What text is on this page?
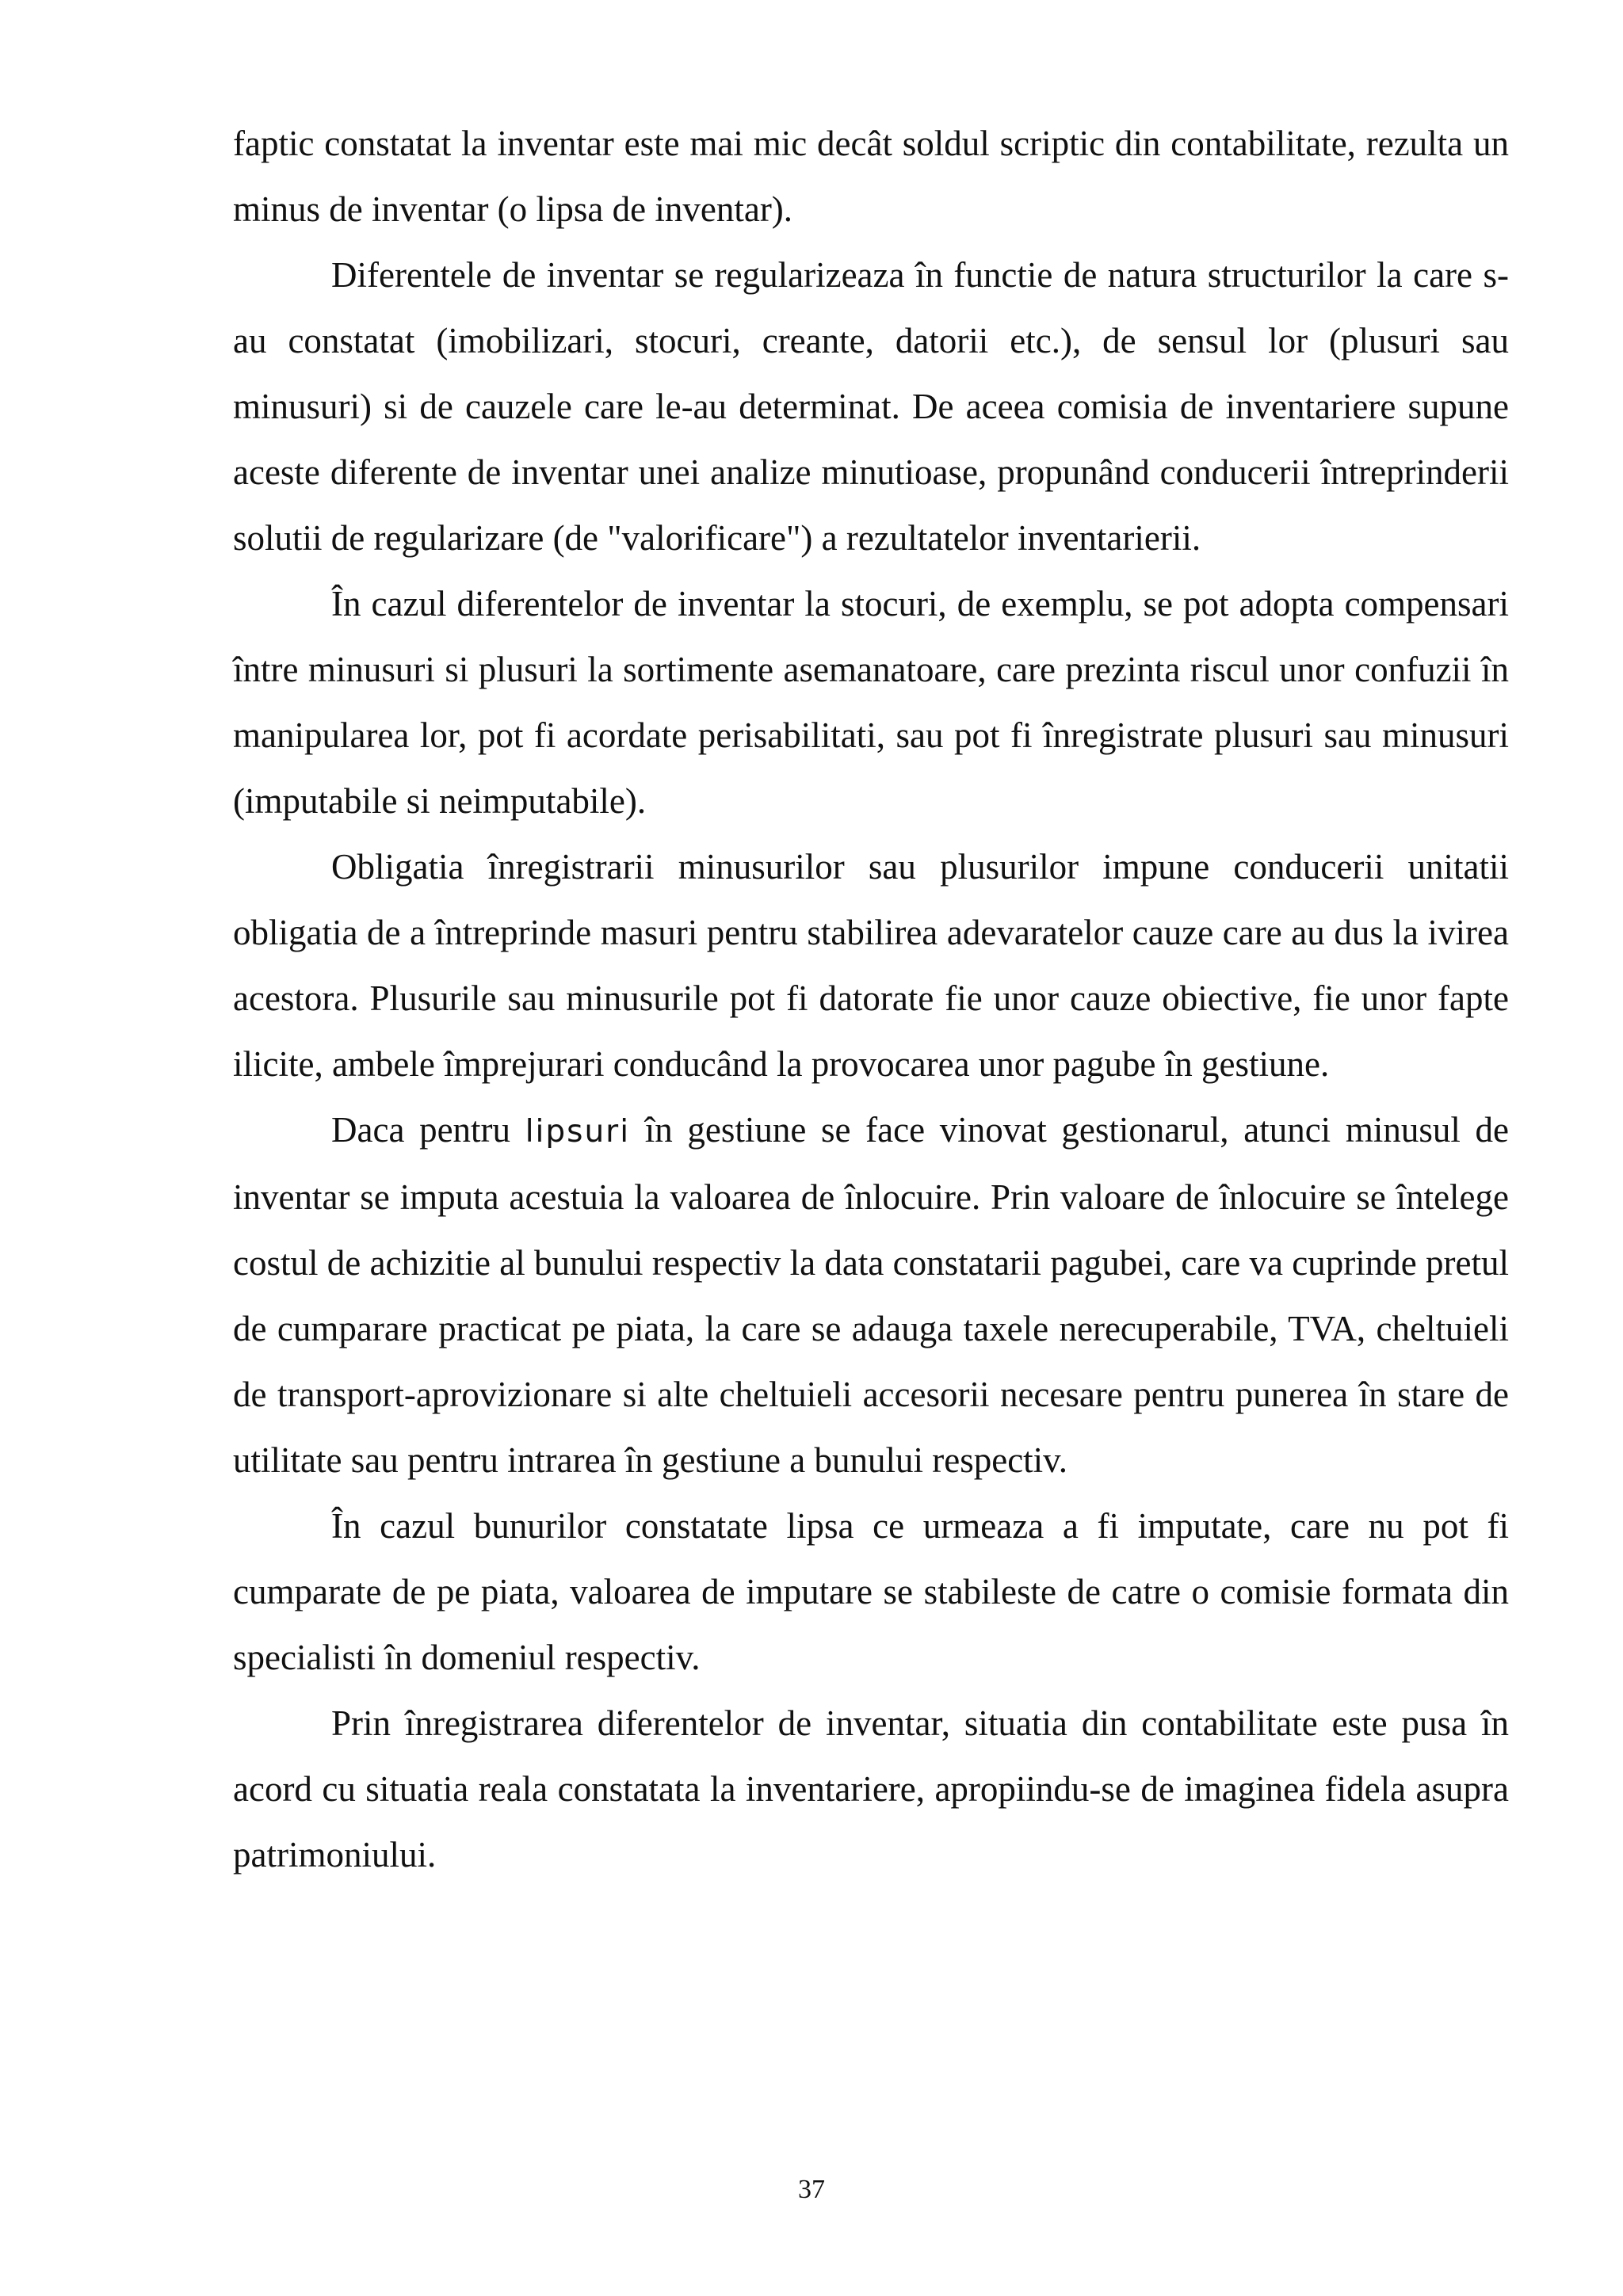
faptic constatat la inventar este mai mic decât soldul scriptic din contabilitate, rezulta un minus de inventar (o lipsa de inventar).

Diferentele de inventar se regularizeaza în functie de natura structurilor la care s-au constatat (imobilizari, stocuri, creante, datorii etc.), de sensul lor (plusuri sau minusuri) si de cauzele care le-au determinat. De aceea comisia de inventariere supune aceste diferente de inventar unei analize minutioase, propunând conducerii întreprinderii solutii de regularizare (de "valorificare") a rezultatelor inventarierii.

În cazul diferentelor de inventar la stocuri, de exemplu, se pot adopta compensari între minusuri si plusuri la sortimente asemanatoare, care prezinta riscul unor confuzii în manipularea lor, pot fi acordate perisabilitati, sau pot fi înregistrate plusuri sau minusuri (imputabile si neimputabile).

Obligatia înregistrarii minusurilor sau plusurilor impune conducerii unitatii obligatia de a întreprinde masuri pentru stabilirea adevaratelor cauze care au dus la ivirea acestora. Plusurile sau minusurile pot fi datorate fie unor cauze obiective, fie unor fapte ilicite, ambele împrejurari conducând la provocarea unor pagube în gestiune.

Daca pentru lipsuri în gestiune se face vinovat gestionarul, atunci minusul de inventar se imputa acestuia la valoarea de înlocuire. Prin valoare de înlocuire se întelege costul de achizitie al bunului respectiv la data constatarii pagubei, care va cuprinde pretul de cumparare practicat pe piata, la care se adauga taxele nerecuperabile, TVA, cheltuieli de transport-aprovizionare si alte cheltuieli accesorii necesare pentru punerea în stare de utilitate sau pentru intrarea în gestiune a bunului respectiv.

În cazul bunurilor constatate lipsa ce urmeaza a fi imputate, care nu pot fi cumparate de pe piata, valoarea de imputare se stabileste de catre o comisie formata din specialisti în domeniul respectiv.

Prin înregistrarea diferentelor de inventar, situatia din contabilitate este pusa în acord cu situatia reala constatata la inventariere, apropiindu-se de imaginea fidela asupra patrimoniului.

37
